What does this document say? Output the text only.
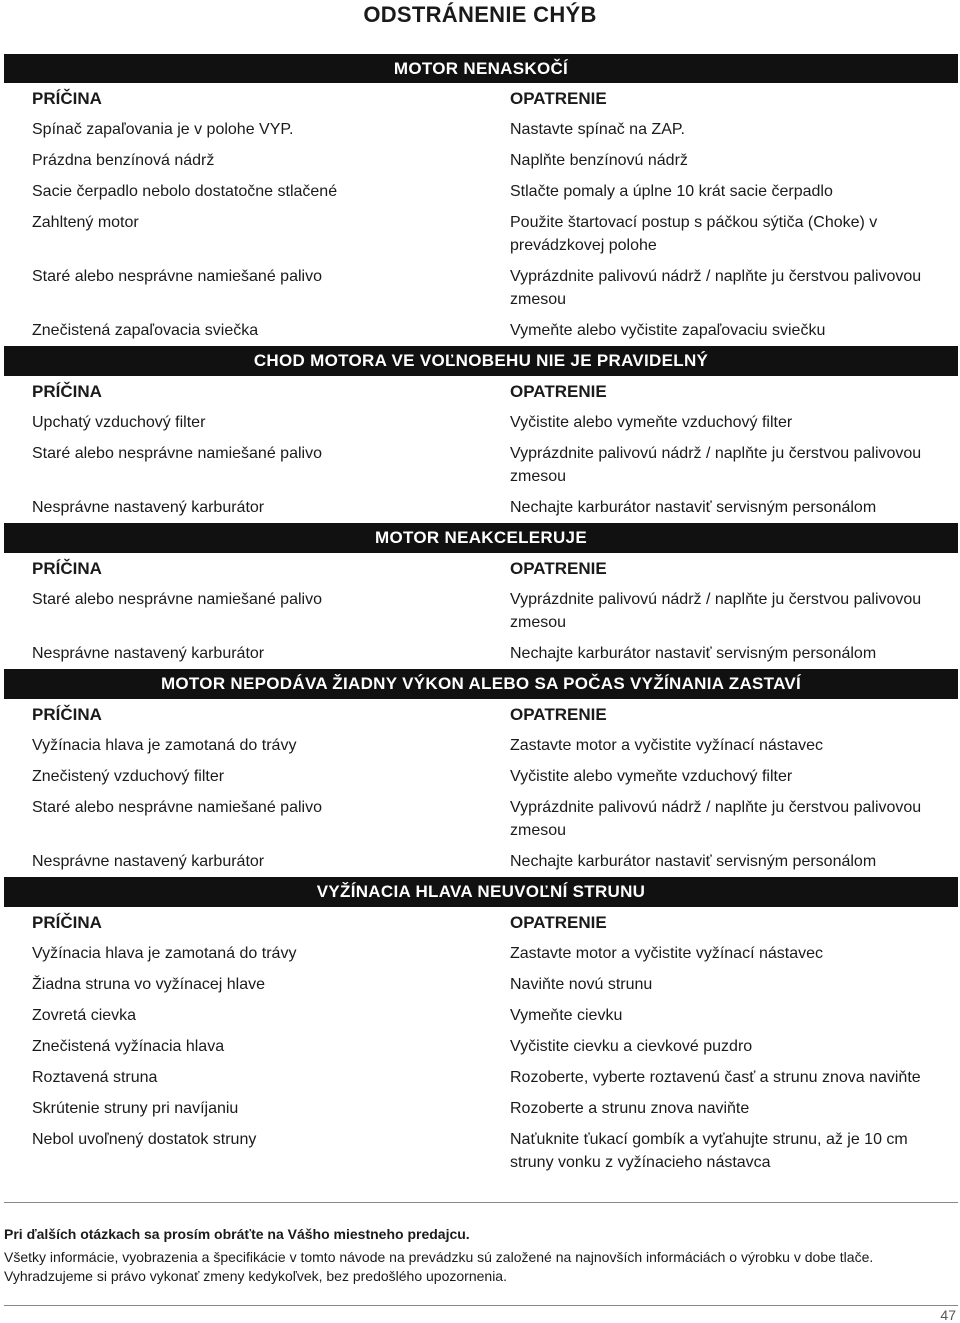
ODSTRÁNENIE CHÝB
MOTOR NENASKOČÍ
PRÍČINA	OPATRENIE
Spínač zapaľovania je v polohe VYP.	Nastavte spínač na ZAP.
Prázdna benzínová nádrž	Naplňte benzínovú nádrž
Sacie čerpadlo nebolo dostatočne stlačené	Stlačte pomaly a úplne 10 krát sacie čerpadlo
Zahltený motor	Použite štartovací postup s páčkou sýtiča (Choke) v prevádzkovej polohe
Staré alebo nesprávne namiešané palivo	Vyprázdnite palivovú nádrž / naplňte ju čerstvou palivovou zmesou
Znečistená zapaľovacia sviečka	Vymeňte alebo vyčistite zapaľovaciu sviečku
CHOD MOTORA VE VOĽNOBEHU NIE JE PRAVIDELNÝ
PRÍČINA	OPATRENIE
Upchatý vzduchový filter	Vyčistite alebo vymeňte vzduchový filter
Staré alebo nesprávne namiešané palivo	Vyprázdnite palivovú nádrž / naplňte ju čerstvou palivovou zmesou
Nesprávne nastavený karburátor	Nechajte karburátor nastaviť servisným personálom
MOTOR NEAKCELERUJE
PRÍČINA	OPATRENIE
Staré alebo nesprávne namiešané palivo	Vyprázdnite palivovú nádrž / naplňte ju čerstvou palivovou zmesou
Nesprávne nastavený karburátor	Nechajte karburátor nastaviť servisným personálom
MOTOR NEPODÁVA ŽIADNY VÝKON ALEBO SA POČAS VYŽÍNANIA ZASTAVÍ
PRÍČINA	OPATRENIE
Vyžínacia hlava je zamotaná do trávy	Zastavte motor a vyčistite vyžínací nástavec
Znečistený vzduchový filter	Vyčistite alebo vymeňte vzduchový filter
Staré alebo nesprávne namiešané palivo	Vyprázdnite palivovú nádrž / naplňte ju čerstvou palivovou zmesou
Nesprávne nastavený karburátor	Nechajte karburátor nastaviť servisným personálom
VYŽÍNACIA HLAVA NEUVOĽNÍ STRUNU
PRÍČINA	OPATRENIE
Vyžínacia hlava je zamotaná do trávy	Zastavte motor a vyčistite vyžínací nástavec
Žiadna struna vo vyžínacej hlave	Naviňte novú strunu
Zovretá cievka	Vymeňte cievku
Znečistená vyžínacia hlava	Vyčistite cievku a cievkové puzdro
Roztavená struna	Rozoberte, vyberte roztavenú časť a strunu znova naviňte
Skrútenie struny pri navíjaniu	Rozoberte a strunu znova naviňte
Nebol uvoľnený dostatok struny	Naťuknite ťukací gombík a vyťahujte strunu, až je 10 cm struny vonku z vyžínacieho nástavca
Pri ďalších otázkach sa prosím obráťte na Vášho miestneho predajcu.
Všetky informácie, vyobrazenia a špecifikácie v tomto návode na prevádzku sú založené na najnovších informáciách o výrobku v dobe tlače. Vyhradzujeme si právo vykonať zmeny kedykoľvek, bez predošlého upozornenia.
47
